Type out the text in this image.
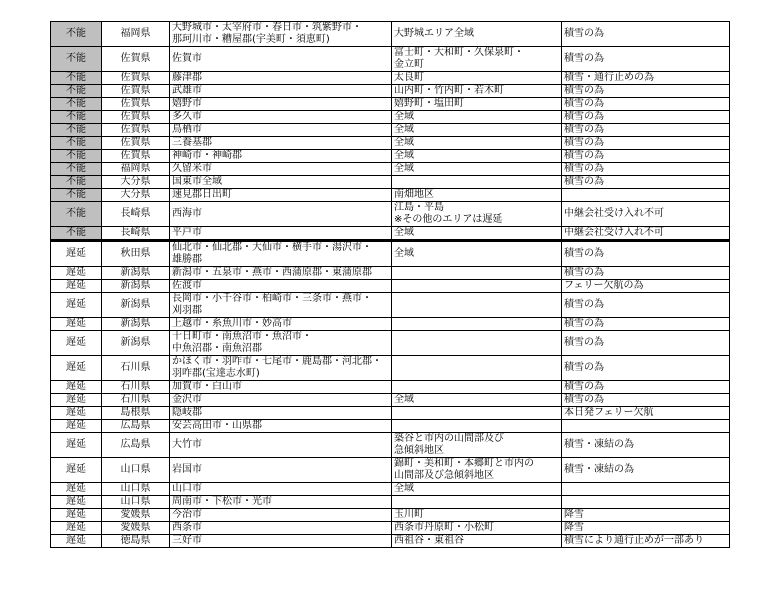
不能	福岡県	大野城市・太宰府市・春日市・筑紫野市・
那珂川市・糟屋郡(宇美町・須恵町)	大野城エリア全域	積雪の為

不能	佐賀県	佐賀市	富士町・大和町・久保泉町・
金立町	積雪の為

不能	佐賀県	藤津郡	太良町	積雪・通行止めの為

不能	佐賀県	武雄市	山内町・竹内町・若木町	積雪の為

不能	佐賀県	嬉野市	嬉野町・塩田町	積雪の為

不能	佐賀県	多久市	全域	積雪の為

不能	佐賀県	鳥栖市	全域	積雪の為

不能	佐賀県	三養基郡	全域	積雪の為

不能	佐賀県	神崎市・神崎郡	全域	積雪の為

不能	福岡県	久留米市	全域	積雪の為

不能	大分県	国東市全域		積雪の為

不能	大分県	速見郡日出町	南畑地区	

不能	長崎県	西海市	江島・平島
※その他のエリアは遅延	中継会社受け入れ不可

不能	長崎県	平戸市	全域	中継会社受け入れ不可

遅延	秋田県	仙北市・仙北郡・大仙市・横手市・湯沢市・
雄勝郡	全域	積雪の為

遅延	新潟県	新潟市・五泉市・燕市・西蒲原郡・東蒲原郡		積雪の為

遅延	新潟県	佐渡市		フェリー欠航の為

遅延	新潟県	長岡市・小千谷市・柏崎市・三条市・燕市・
刈羽郡		積雪の為

遅延	新潟県	上越市・糸魚川市・妙高市		積雪の為

遅延	新潟県	十日町市・南魚沼市・魚沼市・
中魚沼郡・南魚沼郡		積雪の為

遅延	石川県	かほく市・羽咋市・七尾市・鹿島郡・河北郡・
羽咋郡(宝達志水町)		積雪の為

遅延	石川県	加賀市・白山市		積雪の為

遅延	石川県	金沢市	全域	積雪の為

遅延	島根県	隠岐郡		本日発フェリー欠航

遅延	広島県	安芸高田市・山県郡		

遅延	広島県	大竹市	築谷と市内の山間部及び
急傾斜地区	積雪・凍結の為

遅延	山口県	岩国市	錦町・美和町・本郷町と市内の
山間部及び急傾斜地区	積雪・凍結の為

遅延	山口県	山口市	全域	

遅延	山口県	周南市・下松市・光市		

遅延	愛媛県	今治市	玉川町	降雪

遅延	愛媛県	西条市	西条市丹原町・小松町	降雪

遅延	徳島県	三好市	西祖谷・東祖谷	積雪により通行止めが一部あり
